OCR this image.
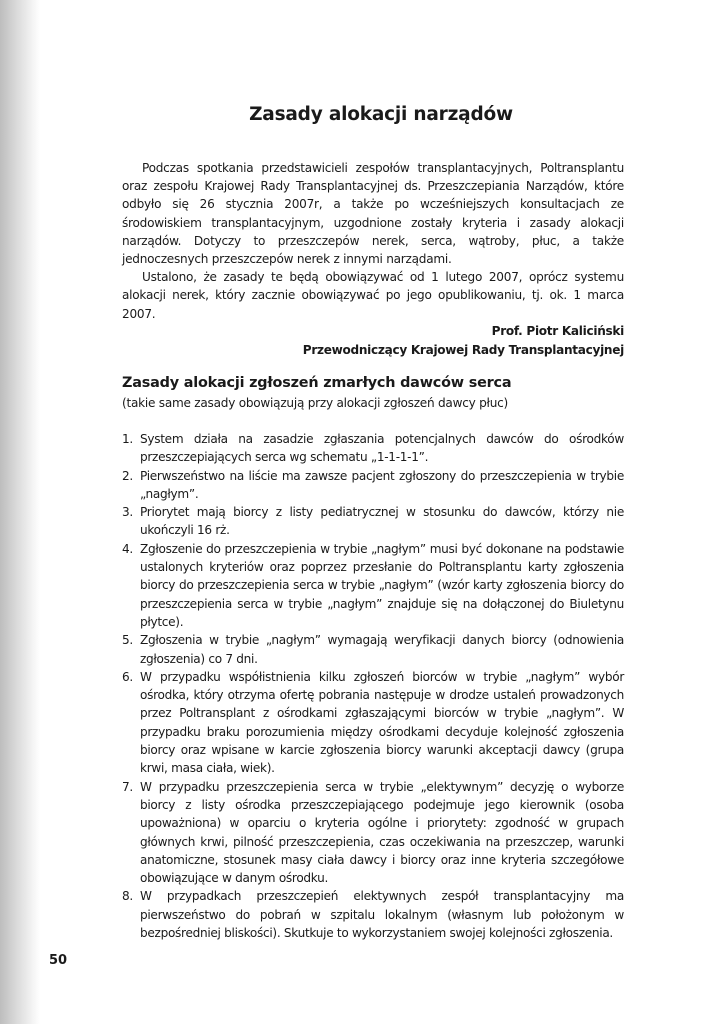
Zasady alokacji narządów

Podczas spotkania przedstawicieli zespołów transplantacyjnych, Poltransplantu oraz zespołu Krajowej Rady Transplantacyjnej ds. Przeszczepiania Narządów, które odbyło się 26 stycznia 2007r, a także po wcześniejszych konsultacjach ze środowiskiem transplantacyjnym, uzgodnione zostały kryteria i zasady alokacji narządów. Dotyczy to przeszczepów nerek, serca, wątroby, płuc, a także jednoczesnych przeszczepów nerek z innymi narządami.

Ustalono, że zasady te będą obowiązywać od 1 lutego 2007, oprócz systemu alokacji nerek, który zacznie obowiązywać po jego opublikowaniu, tj. ok. 1 marca 2007.

Prof. Piotr Kaliciński
Przewodniczący Krajowej Rady Transplantacyjnej
Zasady alokacji zgłoszeń zmarłych dawców serca
(takie same zasady obowiązują przy alokacji zgłoszeń dawcy płuc)
1. System działa na zasadzie zgłaszania potencjalnych dawców do ośrodków przeszczepiających serca wg schematu „1-1-1-1”.
2. Pierwszeństwo na liście ma zawsze pacjent zgłoszony do przeszczepienia w trybie „nagłym”.
3. Priorytet mają biorcy z listy pediatrycznej w stosunku do dawców, którzy nie ukończyli 16 rż.
4. Zgłoszenie do przeszczepienia w trybie „nagłym” musi być dokonane na podstawie ustalonych kryteriów oraz poprzez przesłanie do Poltransplantu karty zgłoszenia biorcy do przeszczepienia serca w trybie „nagłym” (wzór karty zgłoszenia biorcy do przeszczepienia serca w trybie „nagłym” znajduje się na dołączonej do Biuletynu płytce).
5. Zgłoszenia w trybie „nagłym” wymagają weryfikacji danych biorcy (odnowienia zgłoszenia) co 7 dni.
6. W przypadku współistnienia kilku zgłoszeń biorców w trybie „nagłym” wybór ośrodka, który otrzyma ofertę pobrania następuje w drodze ustaleń prowadzonych przez Poltransplant z ośrodkami zgłaszającymi biorców w trybie „nagłym”. W przypadku braku porozumienia między ośrodkami decyduje kolejność zgłoszenia biorcy oraz wpisane w karcie zgłoszenia biorcy warunki akceptacji dawcy (grupa krwi, masa ciała, wiek).
7. W przypadku przeszczepienia serca w trybie „elektywnym” decyzję o wyborze biorcy z listy ośrodka przeszczepiającego podejmuje jego kierownik (osoba upoważniona) w oparciu o kryteria ogólne i priorytety: zgodność w grupach głównych krwi, pilność przeszczepienia, czas oczekiwania na przeszczep, warunki anatomiczne, stosunek masy ciała dawcy i biorcy oraz inne kryteria szczegółowe obowiązujące w danym ośrodku.
8. W przypadkach przeszczepień elektywnych zespół transplantacyjny ma pierwszeństwo do pobrań w szpitalu lokalnym (własnym lub położonym w bezpośredniej bliskości). Skutkuje to wykorzystaniem swojej kolejności zgłoszenia.
50
